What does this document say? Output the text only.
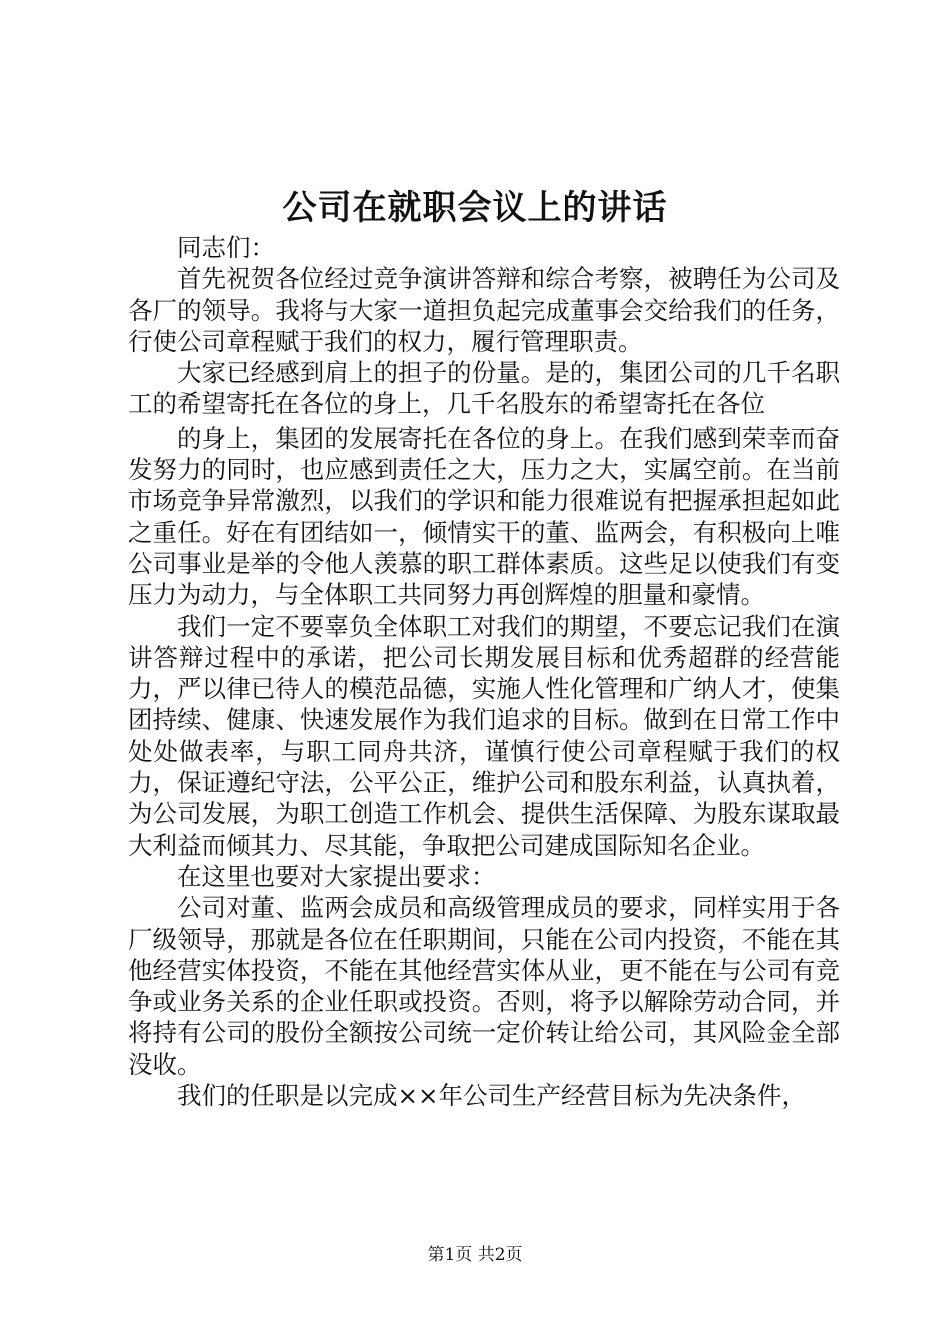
公司在就职会议上的讲话

同志们：

首先祝贺各位经过竞争演讲答辩和综合考察，被聘任为公司及各厂的领导。我将与大家一道担负起完成董事会交给我们的任务，行使公司章程赋于我们的权力，履行管理职责。

大家已经感到肩上的担子的份量。是的，集团公司的几千名职工的希望寄托在各位的身上，几千名股东的希望寄托在各位

的身上，集团的发展寄托在各位的身上。在我们感到荣幸而奋发努力的同时，也应感到责任之大，压力之大，实属空前。在当前市场竞争异常激烈，以我们的学识和能力很难说有把握承担起如此之重任。好在有团结如一，倾情实干的董、监两会，有积极向上唯公司事业是举的令他人羡慕的职工群体素质。这些足以使我们有变压力为动力，与全体职工共同努力再创辉煌的胆量和豪情。

我们一定不要辜负全体职工对我们的期望，不要忘记我们在演讲答辩过程中的承诺，把公司长期发展目标和优秀超群的经营能力，严以律已待人的模范品德，实施人性化管理和广纳人才，使集团持续、健康、快速发展作为我们追求的目标。做到在日常工作中处处做表率，与职工同舟共济，谨慎行使公司章程赋于我们的权力，保证遵纪守法，公平公正，维护公司和股东利益，认真执着，为公司发展，为职工创造工作机会、提供生活保障、为股东谋取最大利益而倾其力、尽其能，争取把公司建成国际知名企业。

在这里也要对大家提出要求：

公司对董、监两会成员和高级管理成员的要求，同样实用于各厂级领导，那就是各位在任职期间，只能在公司内投资，不能在其他经营实体投资，不能在其他经营实体从业，更不能在与公司有竞争或业务关系的企业任职或投资。否则，将予以解除劳动合同，并将持有公司的股份全额按公司统一定价转让给公司，其风险金全部没收。

我们的任职是以完成××年公司生产经营目标为先决条件，

第1页 共2页
